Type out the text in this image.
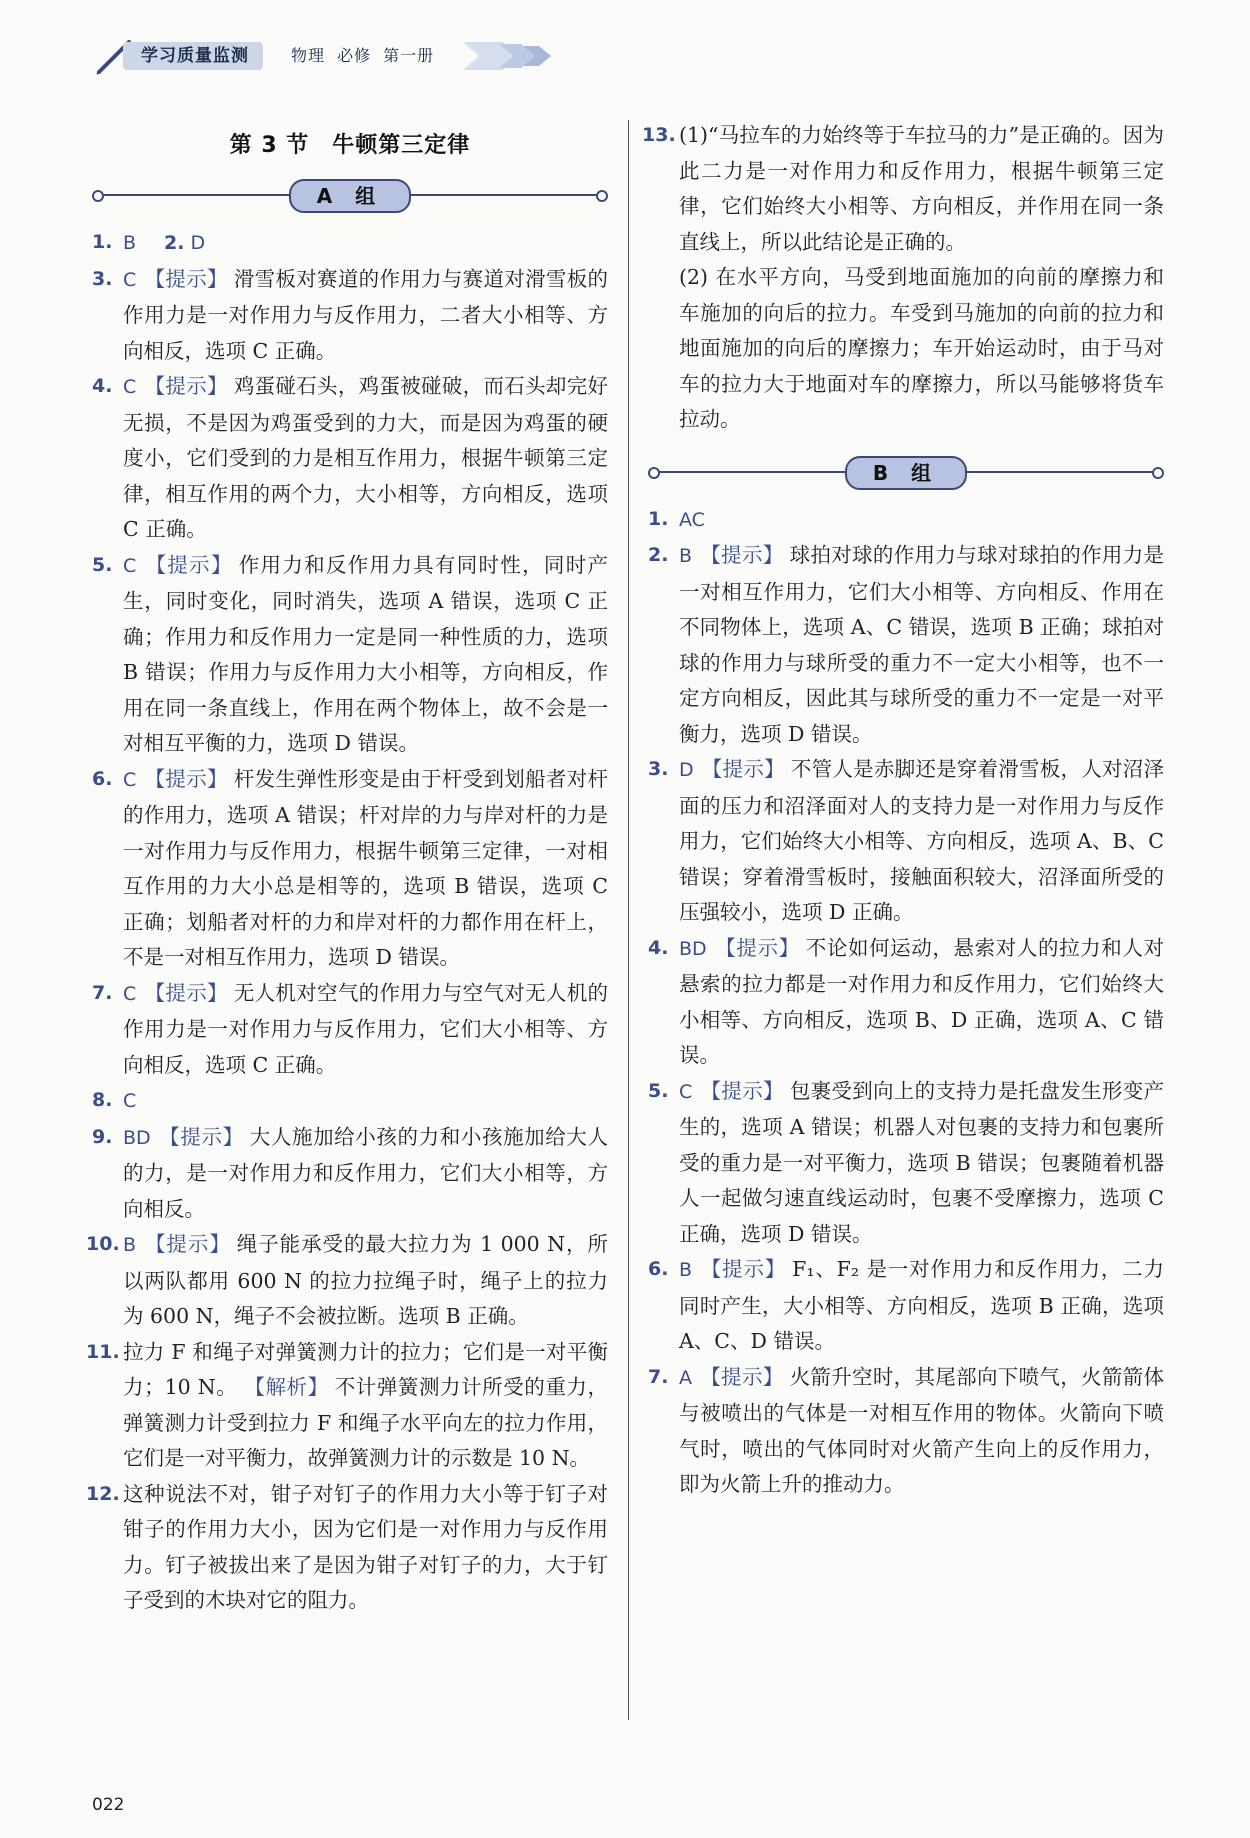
学习质量监测	物理 必修 第一册
第 3 节　牛顿第三定律
A 组
1. B 2. D
3. C 【提示】 滑雪板对赛道的作用力与赛道对滑雪板的作用力是一对作用力与反作用力，二者大小相等、方向相反，选项 C 正确。
4. C 【提示】 鸡蛋碰石头，鸡蛋被碰破，而石头却完好无损，不是因为鸡蛋受到的力大，而是因为鸡蛋的硬度小，它们受到的力是相互作用力，根据牛顿第三定律，相互作用的两个力，大小相等，方向相反，选项 C 正确。
5. C 【提示】 作用力和反作用力具有同时性，同时产生，同时变化，同时消失，选项 A 错误，选项 C 正确；作用力和反作用力一定是同一种性质的力，选项 B 错误；作用力与反作用力大小相等，方向相反，作用在同一条直线上，作用在两个物体上，故不会是一对相互平衡的力，选项 D 错误。
6. C 【提示】 杆发生弹性形变是由于杆受到划船者对杆的作用力，选项 A 错误；杆对岸的力与岸对杆的力是一对作用力与反作用力，根据牛顿第三定律，一对相互作用的力大小总是相等的，选项 B 错误，选项 C 正确；划船者对杆的力和岸对杆的力都作用在杆上，不是一对相互作用力，选项 D 错误。
7. C 【提示】 无人机对空气的作用力与空气对无人机的作用力是一对作用力与反作用力，它们大小相等、方向相反，选项 C 正确。
8. C
9. BD 【提示】 大人施加给小孩的力和小孩施加给大人的力，是一对作用力和反作用力，它们大小相等，方向相反。
10. B 【提示】 绳子能承受的最大拉力为 1 000 N，所以两队都用 600 N 的拉力拉绳子时，绳子上的拉力为 600 N，绳子不会被拉断。选项 B 正确。
11. 拉力 F 和绳子对弹簧测力计的拉力；它们是一对平衡力；10 N。 【解析】 不计弹簧测力计所受的重力，弹簧测力计受到拉力 F 和绳子水平向左的拉力作用，它们是一对平衡力，故弹簧测力计的示数是 10 N。
12. 这种说法不对，钳子对钉子的作用力大小等于钉子对钳子的作用力大小，因为它们是一对作用力与反作用力。钉子被拔出来了是因为钳子对钉子的力，大于钉子受到的木块对它的阻力。
13. (1)“马拉车的力始终等于车拉马的力”是正确的。因为此二力是一对作用力和反作用力，根据牛顿第三定律，它们始终大小相等、方向相反，并作用在同一条直线上，所以此结论是正确的。
(2) 在水平方向，马受到地面施加的向前的摩擦力和车施加的向后的拉力。车受到马施加的向前的拉力和地面施加的向后的摩擦力；车开始运动时，由于马对车的拉力大于地面对车的摩擦力，所以马能够将货车拉动。
B 组
1. AC
2. B 【提示】 球拍对球的作用力与球对球拍的作用力是一对相互作用力，它们大小相等、方向相反、作用在不同物体上，选项 A、C 错误，选项 B 正确；球拍对球的作用力与球所受的重力不一定大小相等，也不一定方向相反，因此其与球所受的重力不一定是一对平衡力，选项 D 错误。
3. D 【提示】 不管人是赤脚还是穿着滑雪板，人对沼泽面的压力和沼泽面对人的支持力是一对作用力与反作用力，它们始终大小相等、方向相反，选项 A、B、C 错误；穿着滑雪板时，接触面积较大，沼泽面所受的压强较小，选项 D 正确。
4. BD 【提示】 不论如何运动，悬索对人的拉力和人对悬索的拉力都是一对作用力和反作用力，它们始终大小相等、方向相反，选项 B、D 正确，选项 A、C 错误。
5. C 【提示】 包裹受到向上的支持力是托盘发生形变产生的，选项 A 错误；机器人对包裹的支持力和包裹所受的重力是一对平衡力，选项 B 错误；包裹随着机器人一起做匀速直线运动时，包裹不受摩擦力，选项 C 正确，选项 D 错误。
6. B 【提示】 F₁、F₂ 是一对作用力和反作用力，二力同时产生，大小相等、方向相反，选项 B 正确，选项 A、C、D 错误。
7. A 【提示】 火箭升空时，其尾部向下喷气，火箭箭体与被喷出的气体是一对相互作用的物体。火箭向下喷气时，喷出的气体同时对火箭产生向上的反作用力，即为火箭上升的推动力。
022
